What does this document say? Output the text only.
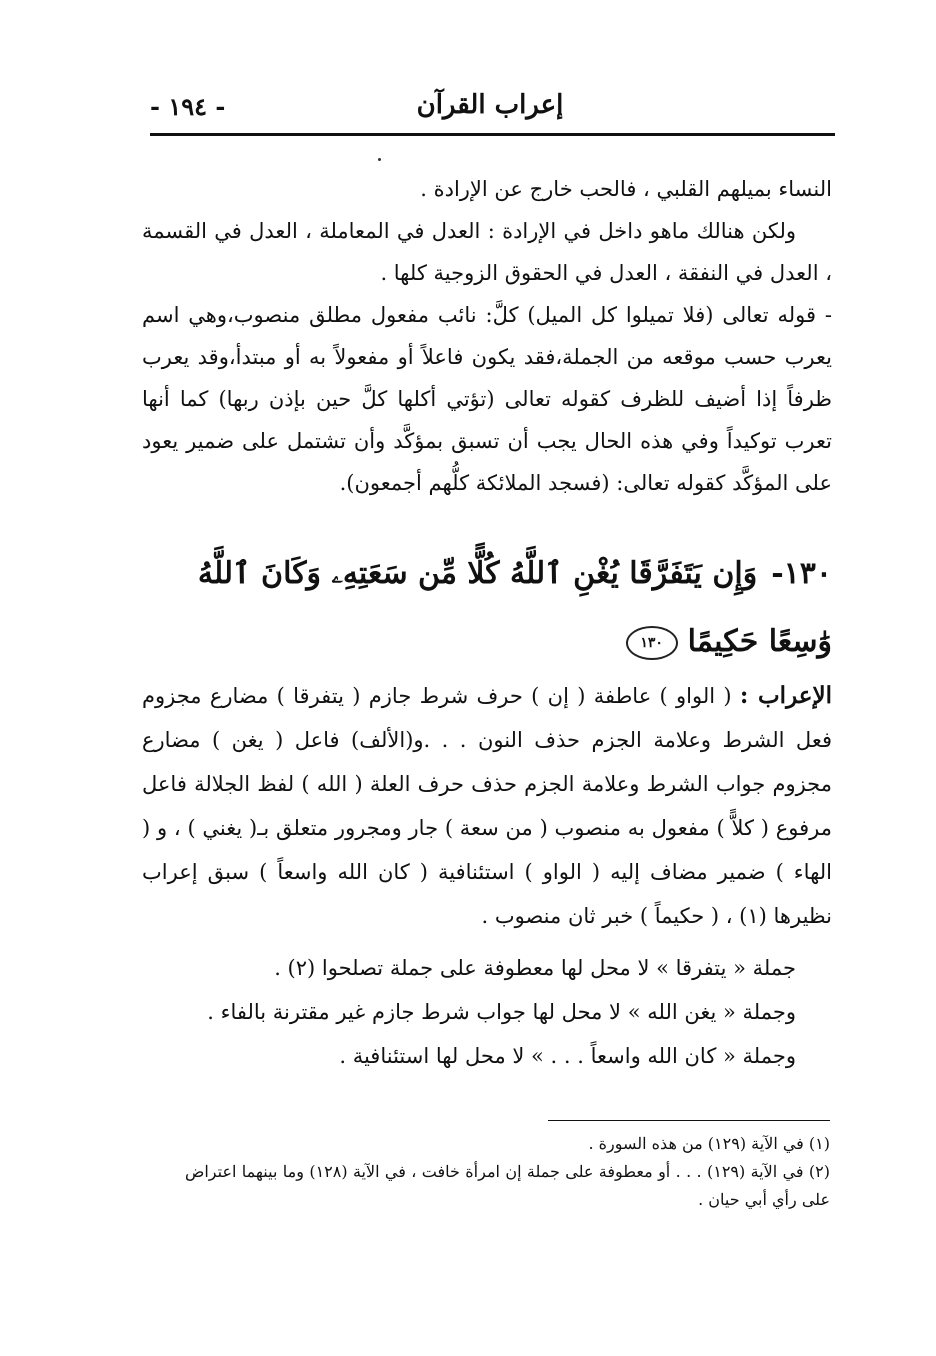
- ١٩٤ -	إعراب القرآن

النساء بميلهم القلبي ، فالحب خارج عن الإرادة .

ولكن هنالك ماهو داخل في الإرادة : العدل في المعاملة ، العدل في القسمة ، العدل في النفقة ، العدل في الحقوق الزوجية كلها .

- قوله تعالى (فلا تميلوا كل الميل) كلَّ: نائب مفعول مطلق منصوب،وهي اسم يعرب حسب موقعه من الجملة،فقد يكون فاعلاً أو مفعولاً به أو مبتدأ،وقد يعرب ظرفاً إذا أضيف للظرف كقوله تعالى (تؤتي أكلها كلَّ حين بإذن ربها) كما أنها تعرب توكيداً وفي هذه الحال يجب أن تسبق بمؤكَّد وأن تشتمل على ضمير يعود على المؤكَّد كقوله تعالى: (فسجد الملائكة كلُّهم أجمعون).

١٣٠-وَإِن يَتَفَرَّقَا يُغْنِ ٱللَّهُ كُلًّا مِّن سَعَتِهِۦ وَكَانَ ٱللَّهُ وَٰسِعًا حَكِيمًا١٣٠

الإعراب : ( الواو ) عاطفة ( إن ) حرف شرط جازم ( يتفرقا ) مضارع مجزوم فعل الشرط وعلامة الجزم حذف النون . . .و(الألف) فاعل ( يغن ) مضارع مجزوم جواب الشرط وعلامة الجزم حذف حرف العلة ( الله ) لفظ الجلالة فاعل مرفوع ( كلاًّ ) مفعول به منصوب ( من سعة ) جار ومجرور متعلق بـ( يغني ) ، و ( الهاء ) ضمير مضاف إليه ( الواو ) استئنافية ( كان الله واسعاً ) سبق إعراب نظيرها (١) ، ( حكيماً ) خبر ثان منصوب .

جملة « يتفرقا » لا محل لها معطوفة على جملة تصلحوا (٢) .

وجملة « يغن الله » لا محل لها جواب شرط جازم غير مقترنة بالفاء .

وجملة « كان الله واسعاً . . . » لا محل لها استئنافية .

(١) في الآية (١٢٩) من هذه السورة .

(٢) في الآية (١٢٩) . . . أو معطوفة على جملة إن امرأة خافت ، في الآية (١٢٨) وما بينهما اعتراض على رأي أبي حيان .
